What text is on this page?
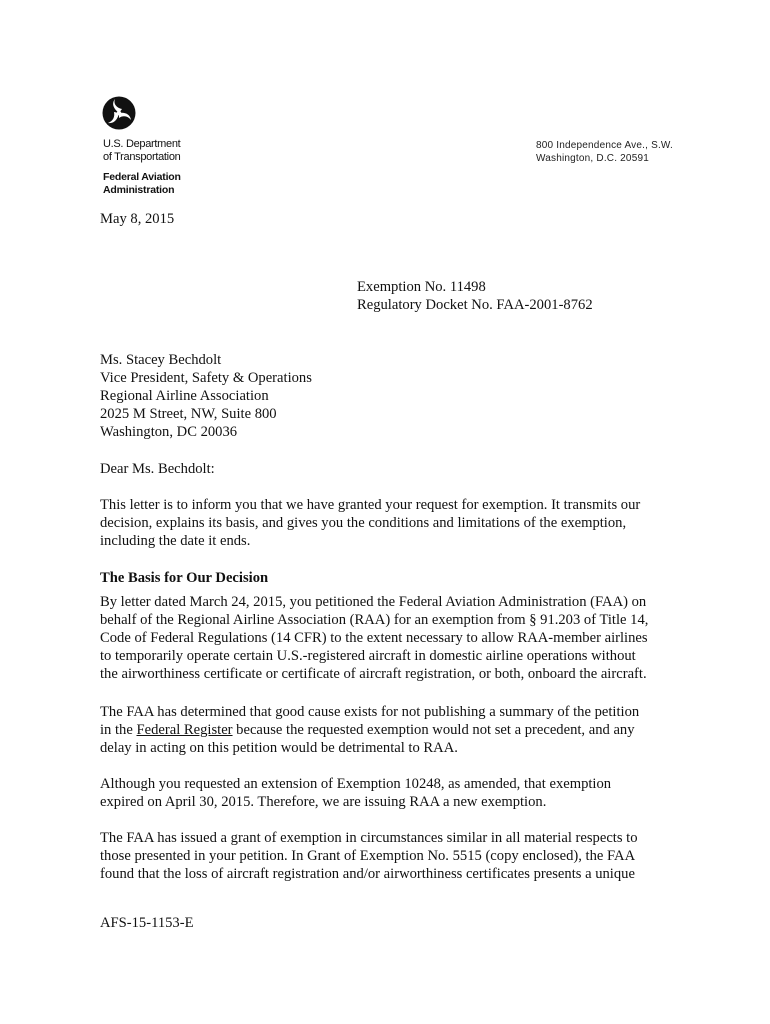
U.S. Department
of Transportation
Federal Aviation
Administration
800 Independence Ave., S.W.
Washington, D.C. 20591
May 8, 2015
Exemption No. 11498
Regulatory Docket No. FAA-2001-8762
Ms. Stacey Bechdolt
Vice President, Safety & Operations
Regional Airline Association
2025 M Street, NW, Suite 800
Washington, DC 20036
Dear Ms. Bechdolt:
This letter is to inform you that we have granted your request for exemption. It transmits our
decision, explains its basis, and gives you the conditions and limitations of the exemption,
including the date it ends.
The Basis for Our Decision
By letter dated March 24, 2015, you petitioned the Federal Aviation Administration (FAA) on
behalf of the Regional Airline Association (RAA) for an exemption from § 91.203 of Title 14,
Code of Federal Regulations (14 CFR) to the extent necessary to allow RAA-member airlines
to temporarily operate certain U.S.-registered aircraft in domestic airline operations without
the airworthiness certificate or certificate of aircraft registration, or both, onboard the aircraft.
The FAA has determined that good cause exists for not publishing a summary of the petition
in the Federal Register because the requested exemption would not set a precedent, and any
delay in acting on this petition would be detrimental to RAA.
Although you requested an extension of Exemption 10248, as amended, that exemption
expired on April 30, 2015. Therefore, we are issuing RAA a new exemption.
The FAA has issued a grant of exemption in circumstances similar in all material respects to
those presented in your petition. In Grant of Exemption No. 5515 (copy enclosed), the FAA
found that the loss of aircraft registration and/or airworthiness certificates presents a unique
AFS-15-1153-E
